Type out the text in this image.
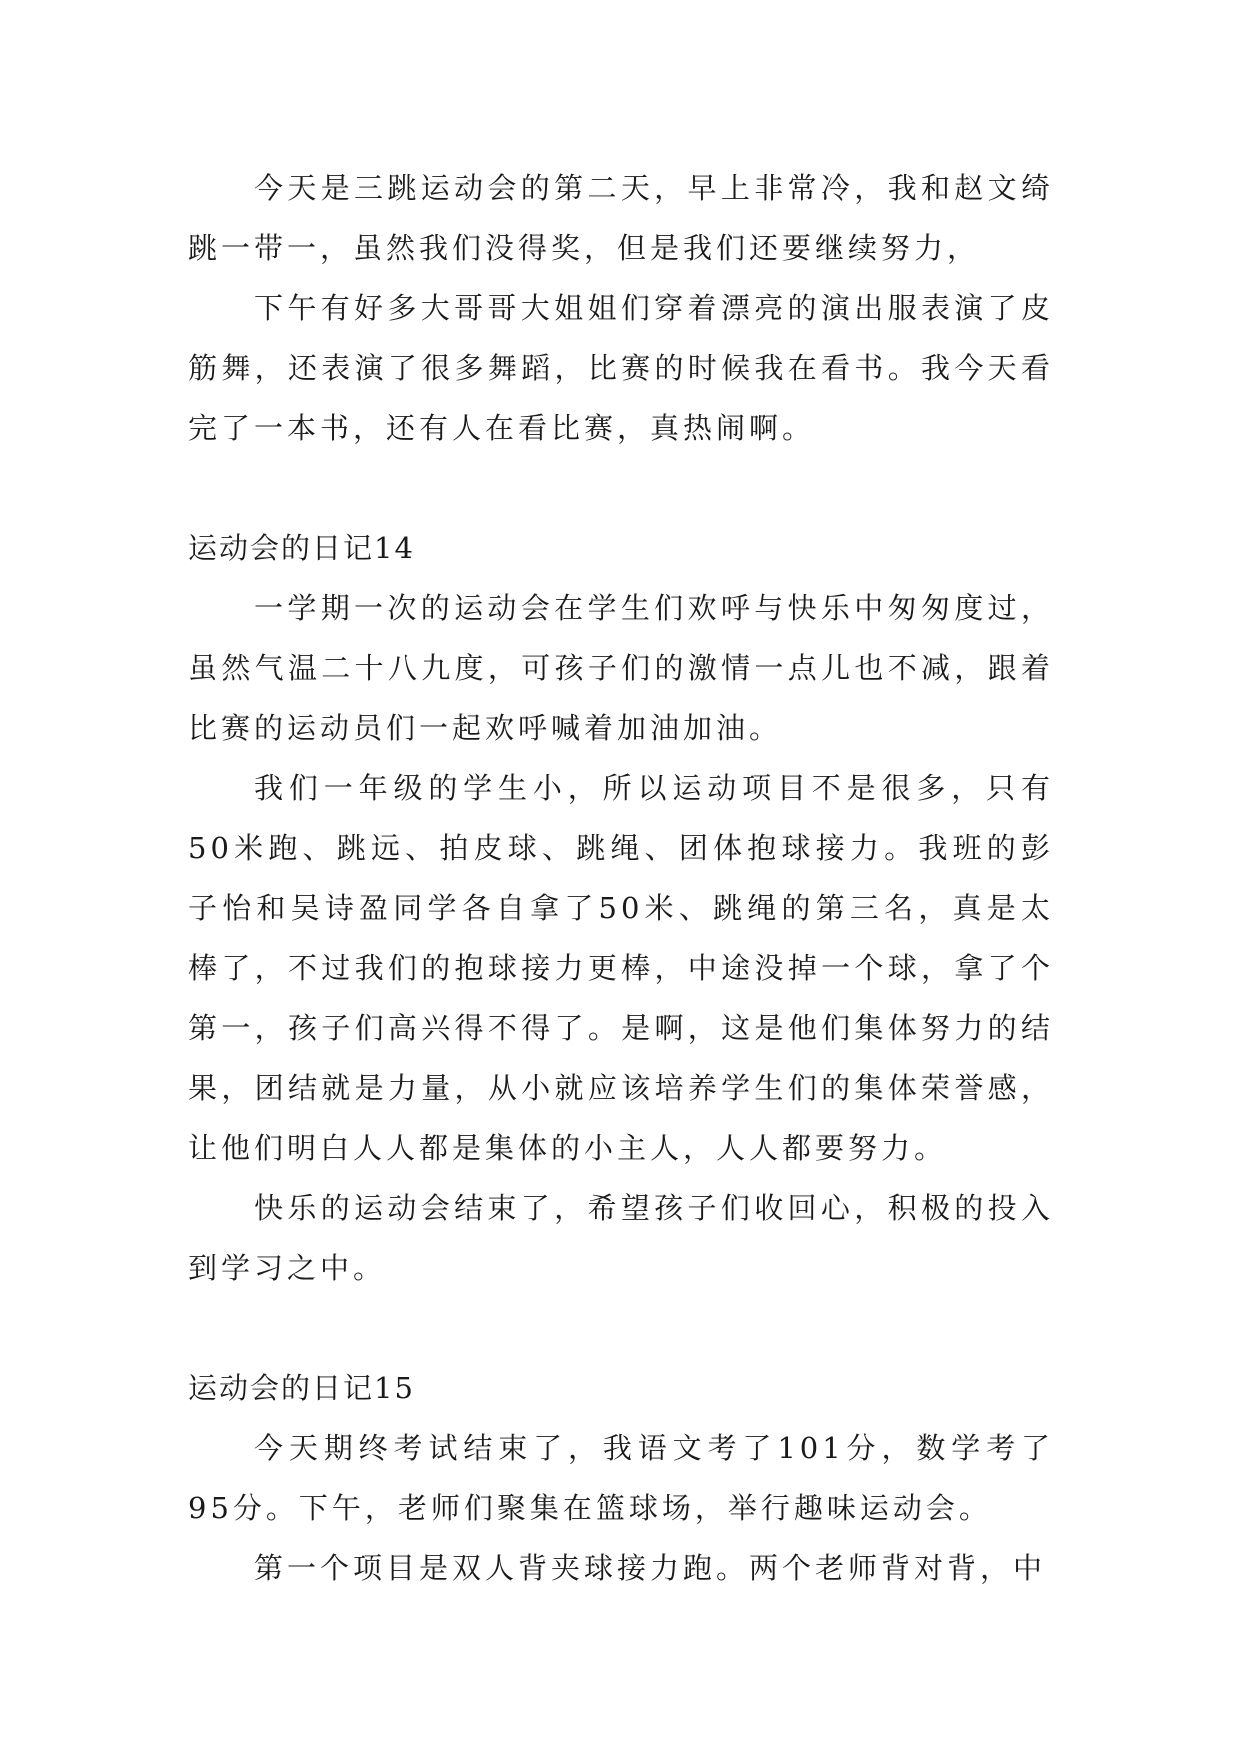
今天是三跳运动会的第二天，早上非常冷，我和赵文绮跳一带一，虽然我们没得奖，但是我们还要继续努力，

下午有好多大哥哥大姐姐们穿着漂亮的演出服表演了皮筋舞，还表演了很多舞蹈，比赛的时候我在看书。我今天看完了一本书，还有人在看比赛，真热闹啊。

运动会的日记14

一学期一次的运动会在学生们欢呼与快乐中匆匆度过，虽然气温二十八九度，可孩子们的激情一点儿也不减，跟着比赛的运动员们一起欢呼喊着加油加油。

我们一年级的学生小，所以运动项目不是很多，只有50米跑、跳远、拍皮球、跳绳、团体抱球接力。我班的彭子怡和吴诗盈同学各自拿了50米、跳绳的第三名，真是太棒了，不过我们的抱球接力更棒，中途没掉一个球，拿了个第一，孩子们高兴得不得了。是啊，这是他们集体努力的结果，团结就是力量，从小就应该培养学生们的集体荣誉感，让他们明白人人都是集体的小主人，人人都要努力。

快乐的运动会结束了，希望孩子们收回心，积极的投入到学习之中。

运动会的日记15

今天期终考试结束了，我语文考了101分，数学考了95分。下午，老师们聚集在篮球场，举行趣味运动会。

第一个项目是双人背夹球接力跑。两个老师背对背，中
